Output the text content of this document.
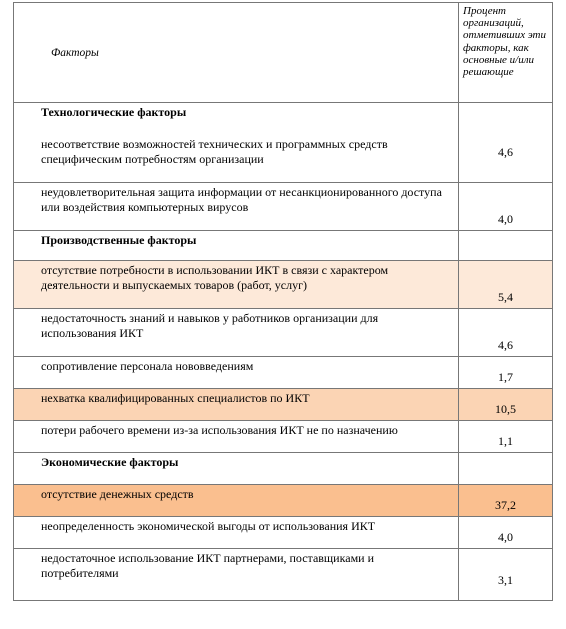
Факторы	Процент организаций, отметивших эти факторы, как основные и/или решающие
Технологические факторы	
несоответствие возможностей технических и программных средств специфическим потребностям организации	4,6
неудовлетворительная защита информации от несанкционированного доступа или воздействия компьютерных вирусов	4,0
Производственные факторы	
отсутствие потребности в использовании ИКТ в связи с характером деятельности и выпускаемых товаров (работ, услуг)	5,4
недостаточность знаний и навыков у работников организации для использования ИКТ	4,6
сопротивление персонала нововведениям	1,7
нехватка квалифицированных специалистов по ИКТ	10,5
потери рабочего времени из-за использования ИКТ не по назначению	1,1
Экономические факторы	
отсутствие денежных средств	37,2
неопределенность экономической выгоды от использования ИКТ	4,0
недостаточное использование ИКТ партнерами, поставщиками и потребителями	3,1
